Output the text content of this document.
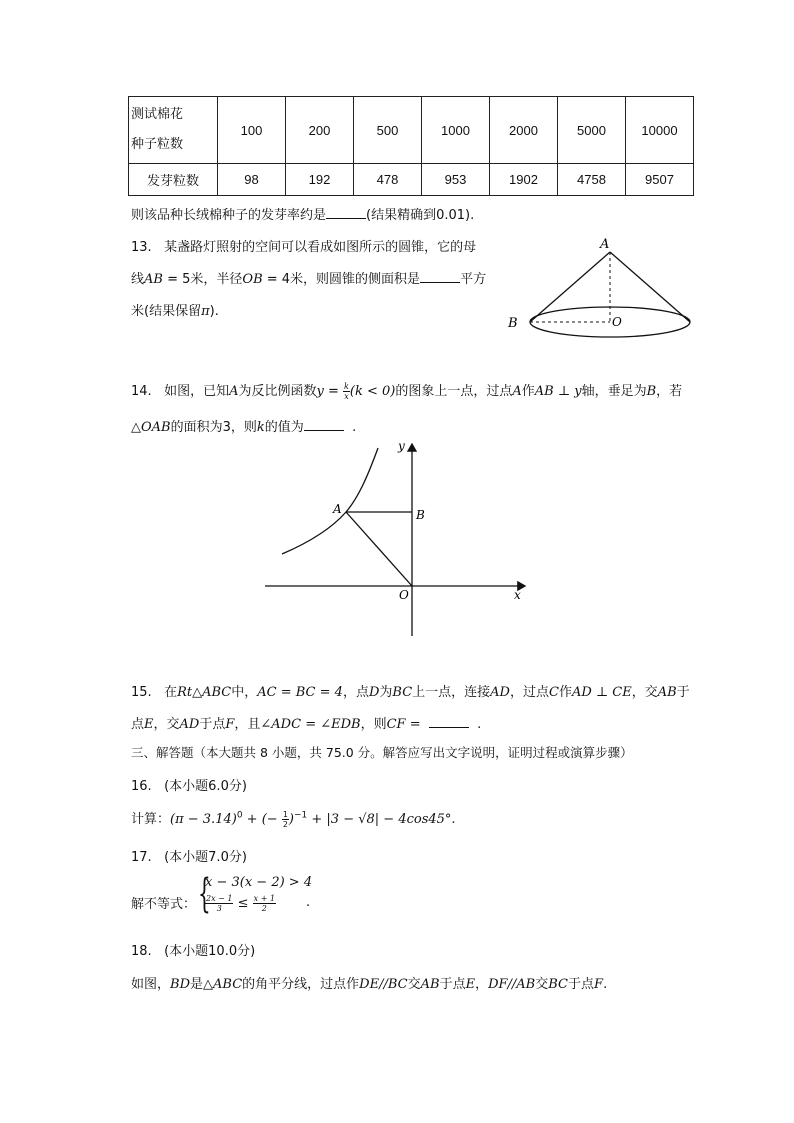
测试棉花
种子粒数	100	200	500	1000	2000	5000	10000
发芽粒数	98	192	478	953	1902	4758	9507
则该品种长绒棉种子的发芽率约是	(结果精确到0.01).
13. 某盏路灯照射的空间可以看成如图所示的圆锥，它的母
线AB = 5米，半径OB = 4米，则圆锥的侧面积是	平方
米(结果保留π).
A
B	O
14. 如图，已知A为反比例函数$y = \frac{k}{x} (k < 0)$的图象上一点，过点A作AB ⊥ y轴，垂足为B，若
△OAB的面积为3，则k的值为	.
y
x
A	B
O
15. 在Rt△ABC中，AC = BC = 4，点D为BC上一点，连接AD，过点C作AD ⊥ CE，交AB于
点E，交AD于点F，且∠ADC = ∠EDB，则CF =	.
三、解答题（本大题共 8 小题，共 75.0 分。解答应写出文字说明，证明过程或演算步骤）
16. (本小题6.0分)
计算：$(\pi - 3.14)^0$ + (− $\frac{1}{2} )^{-1} + |3 - √8| - 4\cos 45^\circ$.
17. (本小题7.0分)
解不等式： {
x − 3(x − 2) > 4
$\frac{2x - 1}{3} \le \frac{x + 1}{2}$ .
18. (本小题10.0分)
如图，BD是△ABC的角平分线，过点作DE//BC交AB于点E，DF//AB交BC于点F.
